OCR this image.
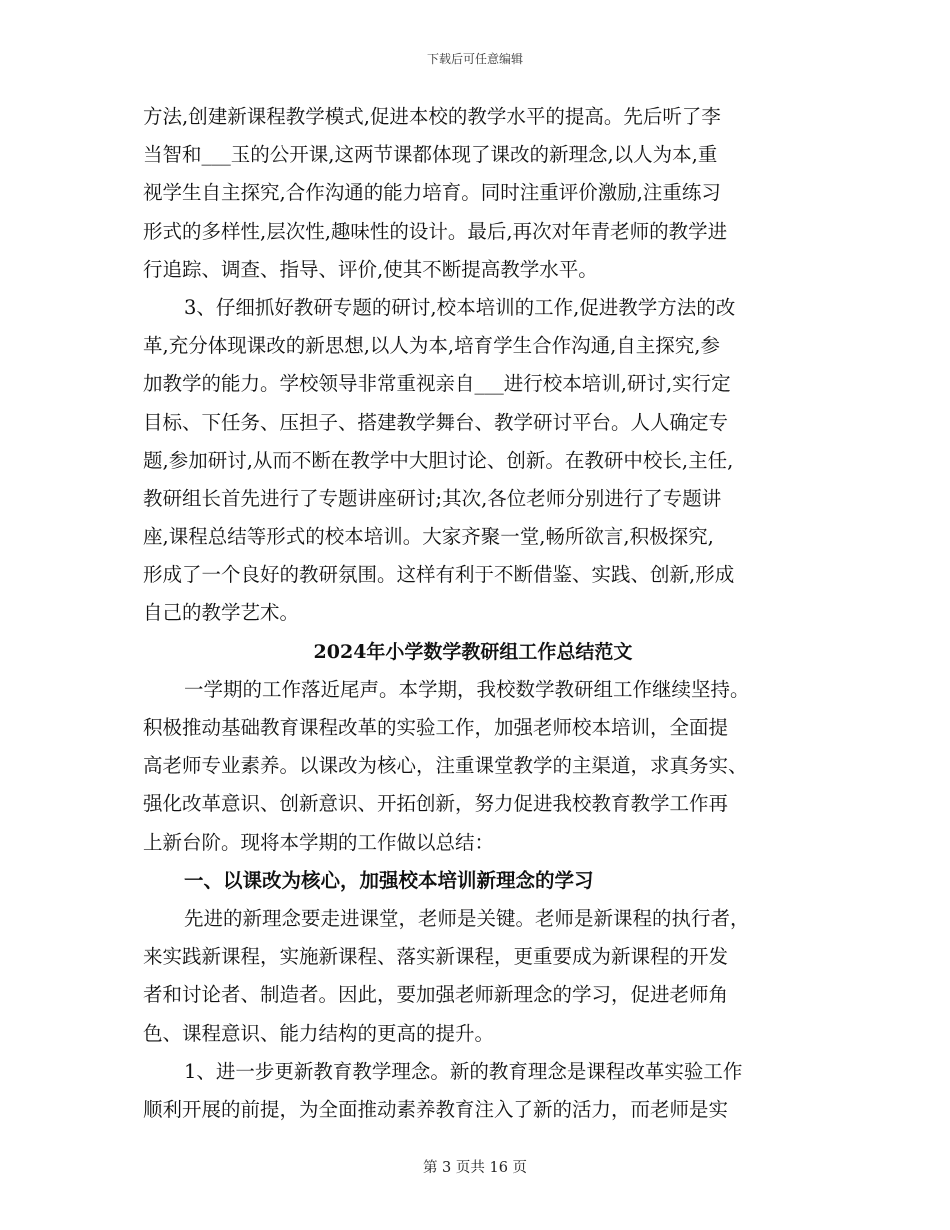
下载后可任意编辑
方法,创建新课程教学模式,促进本校的教学水平的提高。先后听了李
当智和___玉的公开课,这两节课都体现了课改的新理念,以人为本,重
视学生自主探究,合作沟通的能力培育。同时注重评价激励,注重练习
形式的多样性,层次性,趣味性的设计。最后,再次对年青老师的教学进
行追踪、调查、指导、评价,使其不断提高教学水平。
3、仔细抓好教研专题的研讨,校本培训的工作,促进教学方法的改
革,充分体现课改的新思想,以人为本,培育学生合作沟通,自主探究,参
加教学的能力。学校领导非常重视亲自___进行校本培训,研讨,实行定
目标、下任务、压担子、搭建教学舞台、教学研讨平台。人人确定专
题,参加研讨,从而不断在教学中大胆讨论、创新。在教研中校长,主任,
教研组长首先进行了专题讲座研讨;其次,各位老师分别进行了专题讲
座,课程总结等形式的校本培训。大家齐聚一堂,畅所欲言,积极探究,
形成了一个良好的教研氛围。这样有利于不断借鉴、实践、创新,形成
自己的教学艺术。
2024年小学数学教研组工作总结范文
一学期的工作落近尾声。本学期，我校数学教研组工作继续坚持。
积极推动基础教育课程改革的实验工作，加强老师校本培训，全面提
高老师专业素养。以课改为核心，注重课堂教学的主渠道，求真务实、
强化改革意识、创新意识、开拓创新，努力促进我校教育教学工作再
上新台阶。现将本学期的工作做以总结：
一、以课改为核心，加强校本培训新理念的学习
先进的新理念要走进课堂，老师是关键。老师是新课程的执行者，
来实践新课程，实施新课程、落实新课程，更重要成为新课程的开发
者和讨论者、制造者。因此，要加强老师新理念的学习，促进老师角
色、课程意识、能力结构的更高的提升。
1、进一步更新教育教学理念。新的教育理念是课程改革实验工作
顺利开展的前提，为全面推动素养教育注入了新的活力，而老师是实
第 3 页共 16 页
